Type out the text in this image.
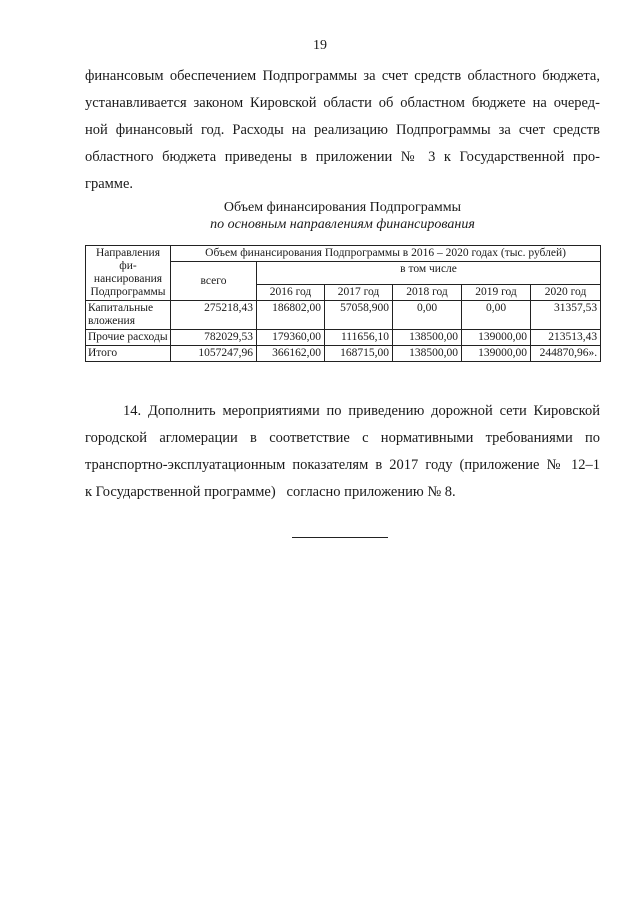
19
финансовым обеспечением Подпрограммы за счет средств областного бюджета,
устанавливается законом Кировской области об областном бюджете на очеред-
ной финансовый год. Расходы на реализацию Подпрограммы за счет средств
областного бюджета приведены в приложении № 3 к Государственной про-
грамме.
Объем финансирования Подпрограммы
по основным направлениям финансирования
Направления фи-нансирования Подпрограммы	Объем финансирования Подпрограммы в 2016 – 2020 годах (тыс. рублей)					
	всего	в том числе				
		2016 год	2017 год	2018 год	2019 год	2020 год
Капитальные вложения	275218,43	186802,00	57058,900	0,00	0,00	31357,53
Прочие расходы	782029,53	179360,00	111656,10	138500,00	139000,00	213513,43
Итого	1057247,96	366162,00	168715,00	138500,00	139000,00	244870,96».
14. Дополнить мероприятиями по приведению дорожной сети Кировской
городской агломерации в соответствие с нормативными требованиями по
транспортно-эксплуатационным показателям в 2017 году (приложение № 12–1
к Государственной программе)   согласно приложению № 8.
